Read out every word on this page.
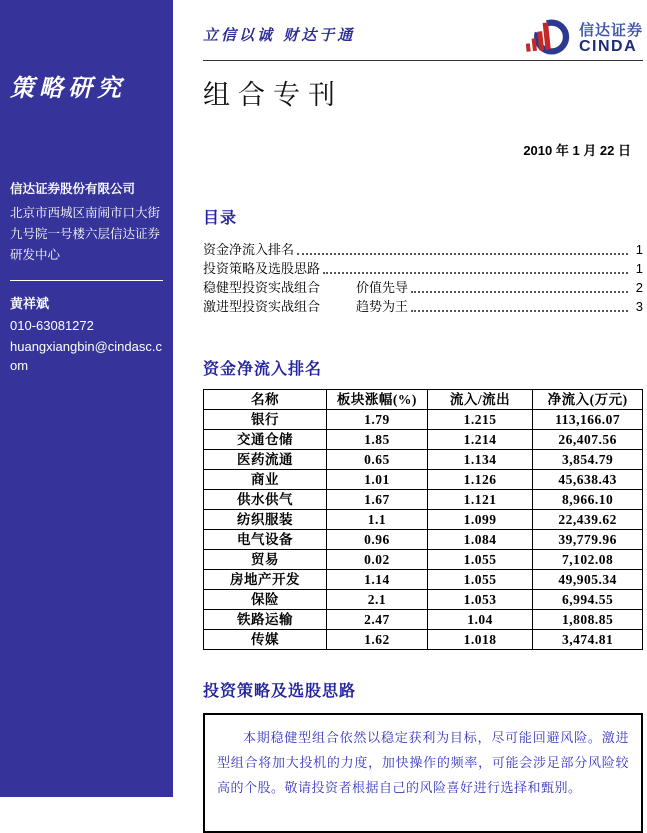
策略研究
信达证券股份有限公司
北京市西城区南闹市口大街
九号院一号楼六层信达证券
研发中心
黄祥斌
010-63081272
huangxiangbin@cindasc.com
立信以诚 财达于通	信达证券
CINDA
组合专刊
2010 年 1 月 22 日
目录
资金净流入排名	1
投资策略及选股思路	1
稳健型投资实战组合	价值先导	2
激进型投资实战组合	趋势为王	3
资金净流入排名
名称	板块涨幅(%)	流入/流出	净流入(万元)
银行	1.79	1.215	113,166.07
交通仓储	1.85	1.214	26,407.56
医药流通	0.65	1.134	3,854.79
商业	1.01	1.126	45,638.43
供水供气	1.67	1.121	8,966.10
纺织服装	1.1	1.099	22,439.62
电气设备	0.96	1.084	39,779.96
贸易	0.02	1.055	7,102.08
房地产开发	1.14	1.055	49,905.34
保险	2.1	1.053	6,994.55
铁路运输	2.47	1.04	1,808.85
传媒	1.62	1.018	3,474.81
投资策略及选股思路

本期稳健型组合依然以稳定获利为目标，尽可能回避风险。激进型组合将加大投机的力度，加快操作的频率，可能会涉足部分风险较高的个股。敬请投资者根据自己的风险喜好进行选择和甄别。
